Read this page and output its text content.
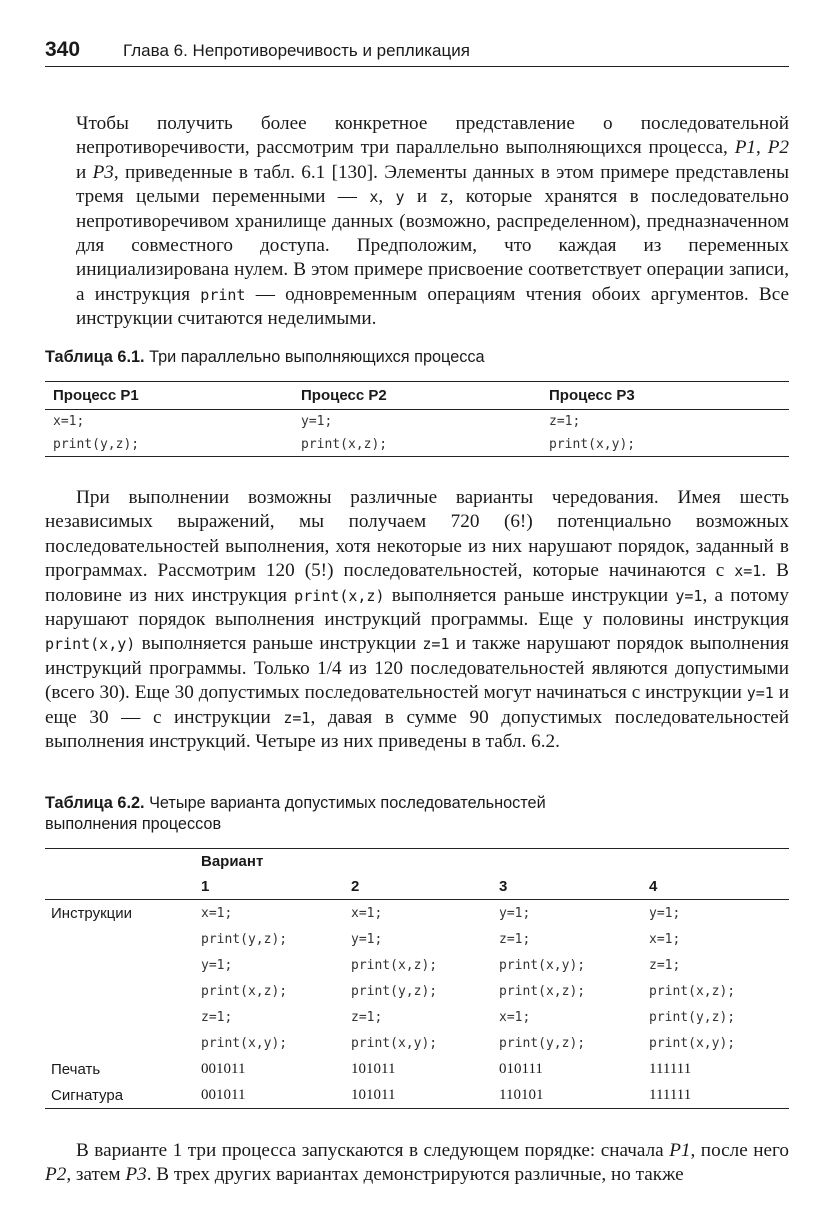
340	Глава 6. Непротиворечивость и репликация

Чтобы получить более конкретное представление о последовательной непротиворечивости, рассмотрим три параллельно выполняющихся процесса, P1, P2 и P3, приведенные в табл. 6.1 [130]. Элементы данных в этом примере представлены тремя целыми переменными — x, y и z, которые хранятся в последовательно непротиворечивом хранилище данных (возможно, распределенном), предназначенном для совместного доступа. Предположим, что каждая из переменных инициализирована нулем. В этом примере присвоение соответствует операции записи, а инструкция print — одновременным операциям чтения обоих аргументов. Все инструкции считаются неделимыми.

Таблица 6.1. Три параллельно выполняющихся процесса

Процесс P1	Процесс P2	Процесс P3
x=1;	y=1;	z=1;
print(y,z);	print(x,z);	print(x,y);

При выполнении возможны различные варианты чередования. Имея шесть независимых выражений, мы получаем 720 (6!) потенциально возможных последовательностей выполнения, хотя некоторые из них нарушают порядок, заданный в программах. Рассмотрим 120 (5!) последовательностей, которые начинаются с x=1. В половине из них инструкция print(x,z) выполняется раньше инструкции y=1, а потому нарушают порядок выполнения инструкций программы. Еще у половины инструкция print(x,y) выполняется раньше инструкции z=1 и также нарушают порядок выполнения инструкций программы. Только 1/4 из 120 последовательностей являются допустимыми (всего 30). Еще 30 допустимых последовательностей могут начинаться с инструкции y=1 и еще 30 — с инструкции z=1, давая в сумме 90 допустимых последовательностей выполнения инструкций. Четыре из них приведены в табл. 6.2.

Таблица 6.2. Четыре варианта допустимых последовательностей
выполнения процессов

	Вариант			
	1	2	3	4
Инструкции	x=1;	x=1;	y=1;	y=1;
	print(y,z);	y=1;	z=1;	x=1;
	y=1;	print(x,z);	print(x,y);	z=1;
	print(x,z);	print(y,z);	print(x,z);	print(x,z);
	z=1;	z=1;	x=1;	print(y,z);
	print(x,y);	print(x,y);	print(y,z);	print(x,y);
Печать	001011	101011	010111	111111
Сигнатура	001011	101011	110101	111111

В варианте 1 три процесса запускаются в следующем порядке: сначала P1, после него P2, затем P3. В трех других вариантах демонстрируются различные, но также
